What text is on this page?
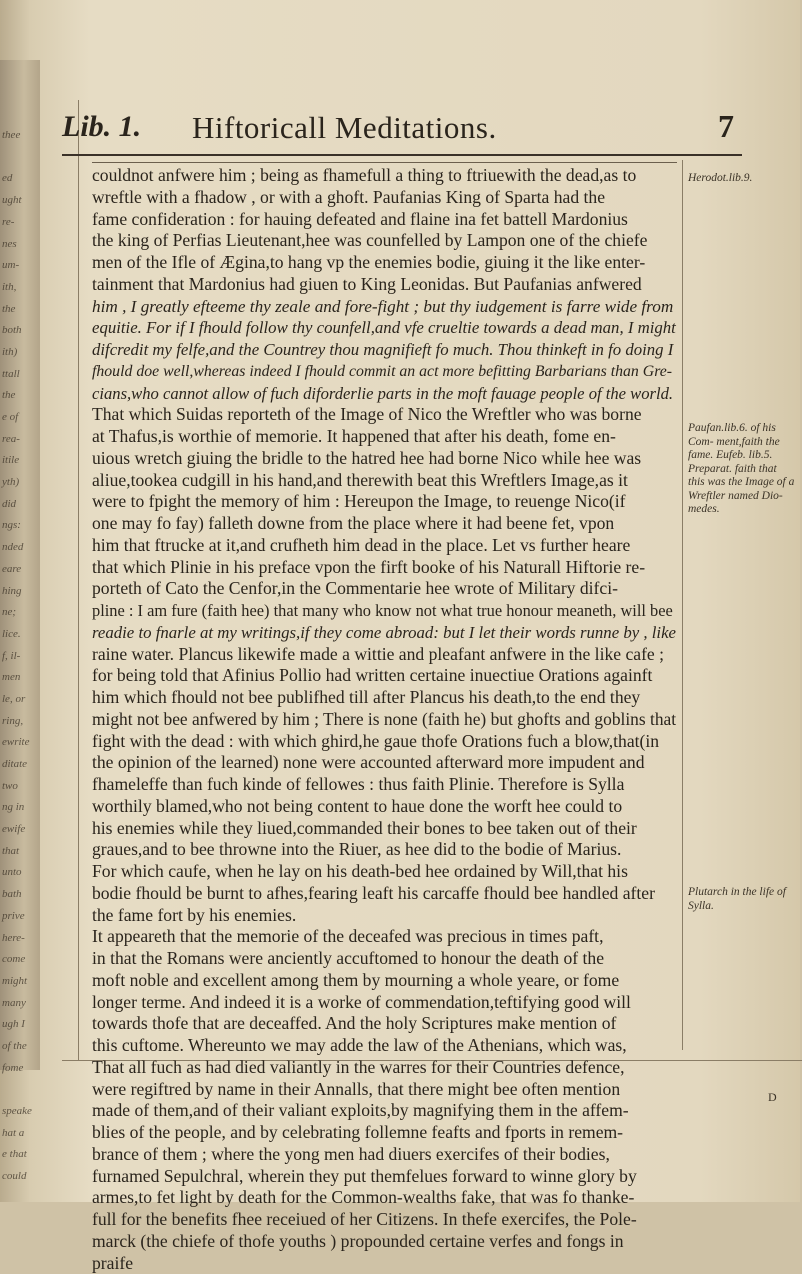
thee
ed
ught
re-
nes
um-
ith,
the
both
ith)
ttall
the
e of
rea-
itile
yth)
did
ngs:
nded
eare
hing
ne;
lice.
f, il-
men
le, or
ring,
ewrite
ditate
two
ng in
ewife
that
unto
bath
prive
here-
come
might
many
ugh I
of the
fome
speake
hat a
e that
could
Lib. 1. Hiftoricall Meditations.	7
couldnot anfwere him ; being as fhamefull a thing to ftriuewith the dead,as to
wreftle with a fhadow , or with a ghoft. Paufanias King of Sparta had the
fame confideration : for hauing defeated and flaine ina fet battell Mardonius
the king of Perfias Lieutenant,hee was counfelled by Lampon one of the chiefe
men of the Ifle of Ægina,to hang vp the enemies bodie, giuing it the like enter-
tainment that Mardonius had giuen to King Leonidas. But Paufanias anfwered
him , I greatly efteeme thy zeale and fore-fight ; but thy iudgement is farre wide from
equitie. For if I fhould follow thy counfell,and vfe crueltie towards a dead man, I might
difcredit my felfe,and the Countrey thou magnifieft fo much. Thou thinkeft in fo doing I
fhould doe well,whereas indeed I fhould commit an act more befitting Barbarians than Gre-
cians,who cannot allow of fuch diforderlie parts in the moft fauage people of the world.
That which Suidas reporteth of the Image of Nico the Wreftler who was borne
at Thafus,is worthie of memorie. It happened that after his death, fome en-
uious wretch giuing the bridle to the hatred hee had borne Nico while hee was
aliue,tookea cudgill in his hand,and therewith beat this Wreftlers Image,as it
were to fpight the memory of him : Hereupon the Image, to reuenge Nico(if
one may fo fay) falleth downe from the place where it had beene fet, vpon
him that ftrucke at it,and crufheth him dead in the place. Let vs further heare
that which Plinie in his preface vpon the firft booke of his Naturall Hiftorie re-
porteth of Cato the Cenfor,in the Commentarie hee wrote of Military difci-
pline : I am fure (faith hee) that many who know not what true honour meaneth, will bee
readie to fnarle at my writings,if they come abroad: but I let their words runne by , like
raine water. Plancus likewife made a wittie and pleafant anfwere in the like cafe ;
for being told that Afinius Pollio had written certaine inuectiue Orations againft
him which fhould not bee publifhed till after Plancus his death,to the end they
might not bee anfwered by him ; There is none (faith he) but ghofts and goblins that
fight with the dead : with which ghird,he gaue thofe Orations fuch a blow,that(in
the opinion of the learned) none were accounted afterward more impudent and
fhameleffe than fuch kinde of fellowes : thus faith Plinie. Therefore is Sylla
worthily blamed,who not being content to haue done the worft hee could to
his enemies while they liued,commanded their bones to bee taken out of their
graues,and to bee throwne into the Riuer, as hee did to the bodie of Marius.
For which caufe, when he lay on his death-bed hee ordained by Will,that his
bodie fhould be burnt to afhes,fearing leaft his carcaffe fhould bee handled after
the fame fort by his enemies.
It appeareth that the memorie of the deceafed was precious in times paft,
in that the Romans were anciently accuftomed to honour the death of the
moft noble and excellent among them by mourning a whole yeare, or fome
longer terme. And indeed it is a worke of commendation,teftifying good will
towards thofe that are deceaffed. And the holy Scriptures make mention of
this cuftome. Whereunto we may adde the law of the Athenians, which was,
That all fuch as had died valiantly in the warres for their Countries defence,
were regiftred by name in their Annalls, that there might bee often mention
made of them,and of their valiant exploits,by magnifying them in the affem-
blies of the people, and by celebrating follemne feafts and fports in remem-
brance of them ; where the yong men had diuers exercifes of their bodies,
furnamed Sepulchral, wherein they put themfelues forward to winne glory by
armes,to fet light by death for the Common-wealths fake, that was fo thanke-
full for the benefits fhee receiued of her Citizens. In thefe exercifes, the Pole-
marck (the chiefe of thofe youths ) propounded certaine verfes and fongs in
praife
Herodot.lib.9.
Paufan.lib.6. of his Com- ment,faith the fame. Eufeb. lib.5. Preparat. faith that this was the Image of a Wreftler named Dio- medes.
Plutarch in the life of Sylla.
D
